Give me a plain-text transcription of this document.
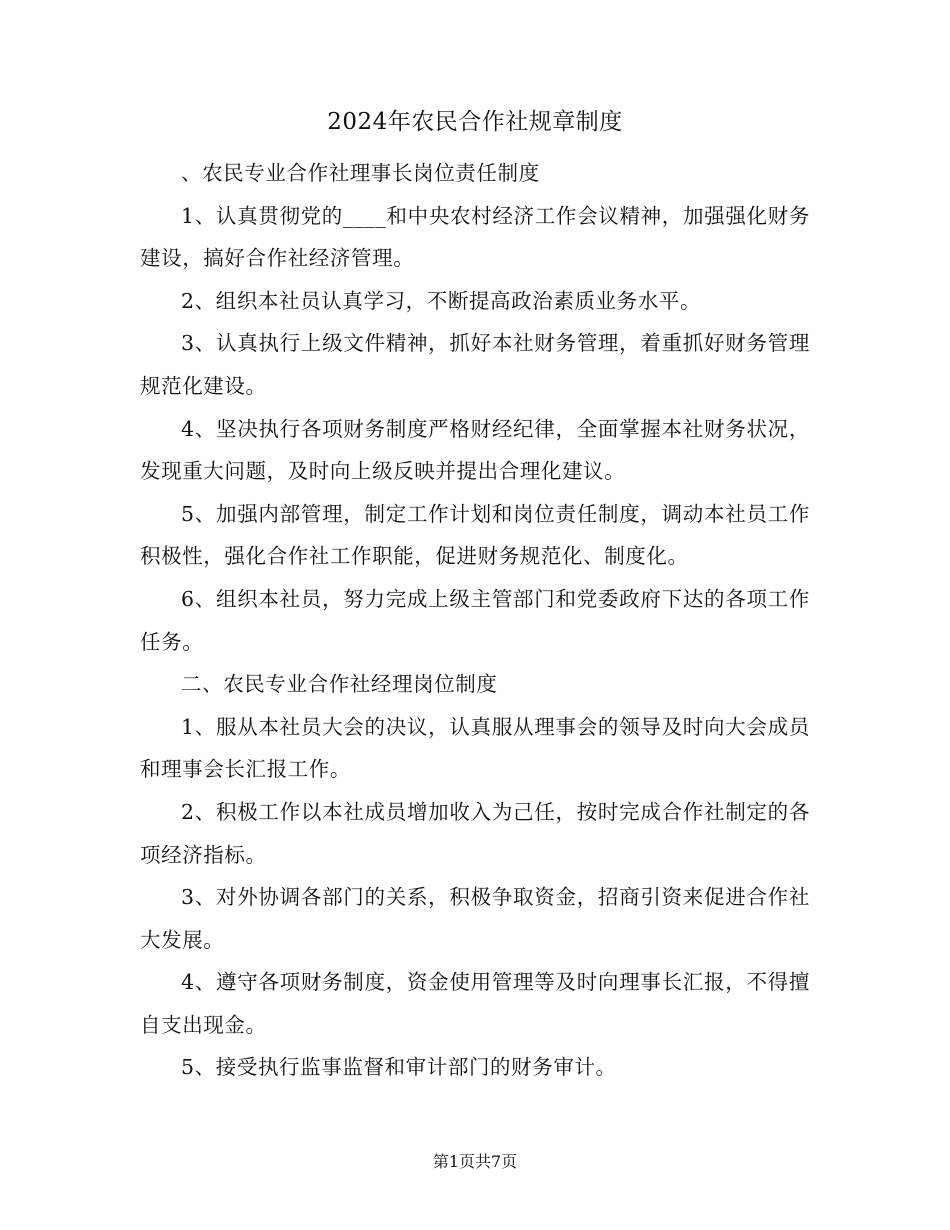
2024年农民合作社规章制度

、农民专业合作社理事长岗位责任制度

1、认真贯彻党的____和中央农村经济工作会议精神，加强强化财务建设，搞好合作社经济管理。

2、组织本社员认真学习，不断提高政治素质业务水平。

3、认真执行上级文件精神，抓好本社财务管理，着重抓好财务管理规范化建设。

4、坚决执行各项财务制度严格财经纪律，全面掌握本社财务状况，发现重大问题，及时向上级反映并提出合理化建议。

5、加强内部管理，制定工作计划和岗位责任制度，调动本社员工作积极性，强化合作社工作职能，促进财务规范化、制度化。

6、组织本社员，努力完成上级主管部门和党委政府下达的各项工作任务。

二、农民专业合作社经理岗位制度

1、服从本社员大会的决议，认真服从理事会的领导及时向大会成员和理事会长汇报工作。

2、积极工作以本社成员增加收入为己任，按时完成合作社制定的各项经济指标。

3、对外协调各部门的关系，积极争取资金，招商引资来促进合作社大发展。

4、遵守各项财务制度，资金使用管理等及时向理事长汇报，不得擅自支出现金。

5、接受执行监事监督和审计部门的财务审计。

第1页共7页
